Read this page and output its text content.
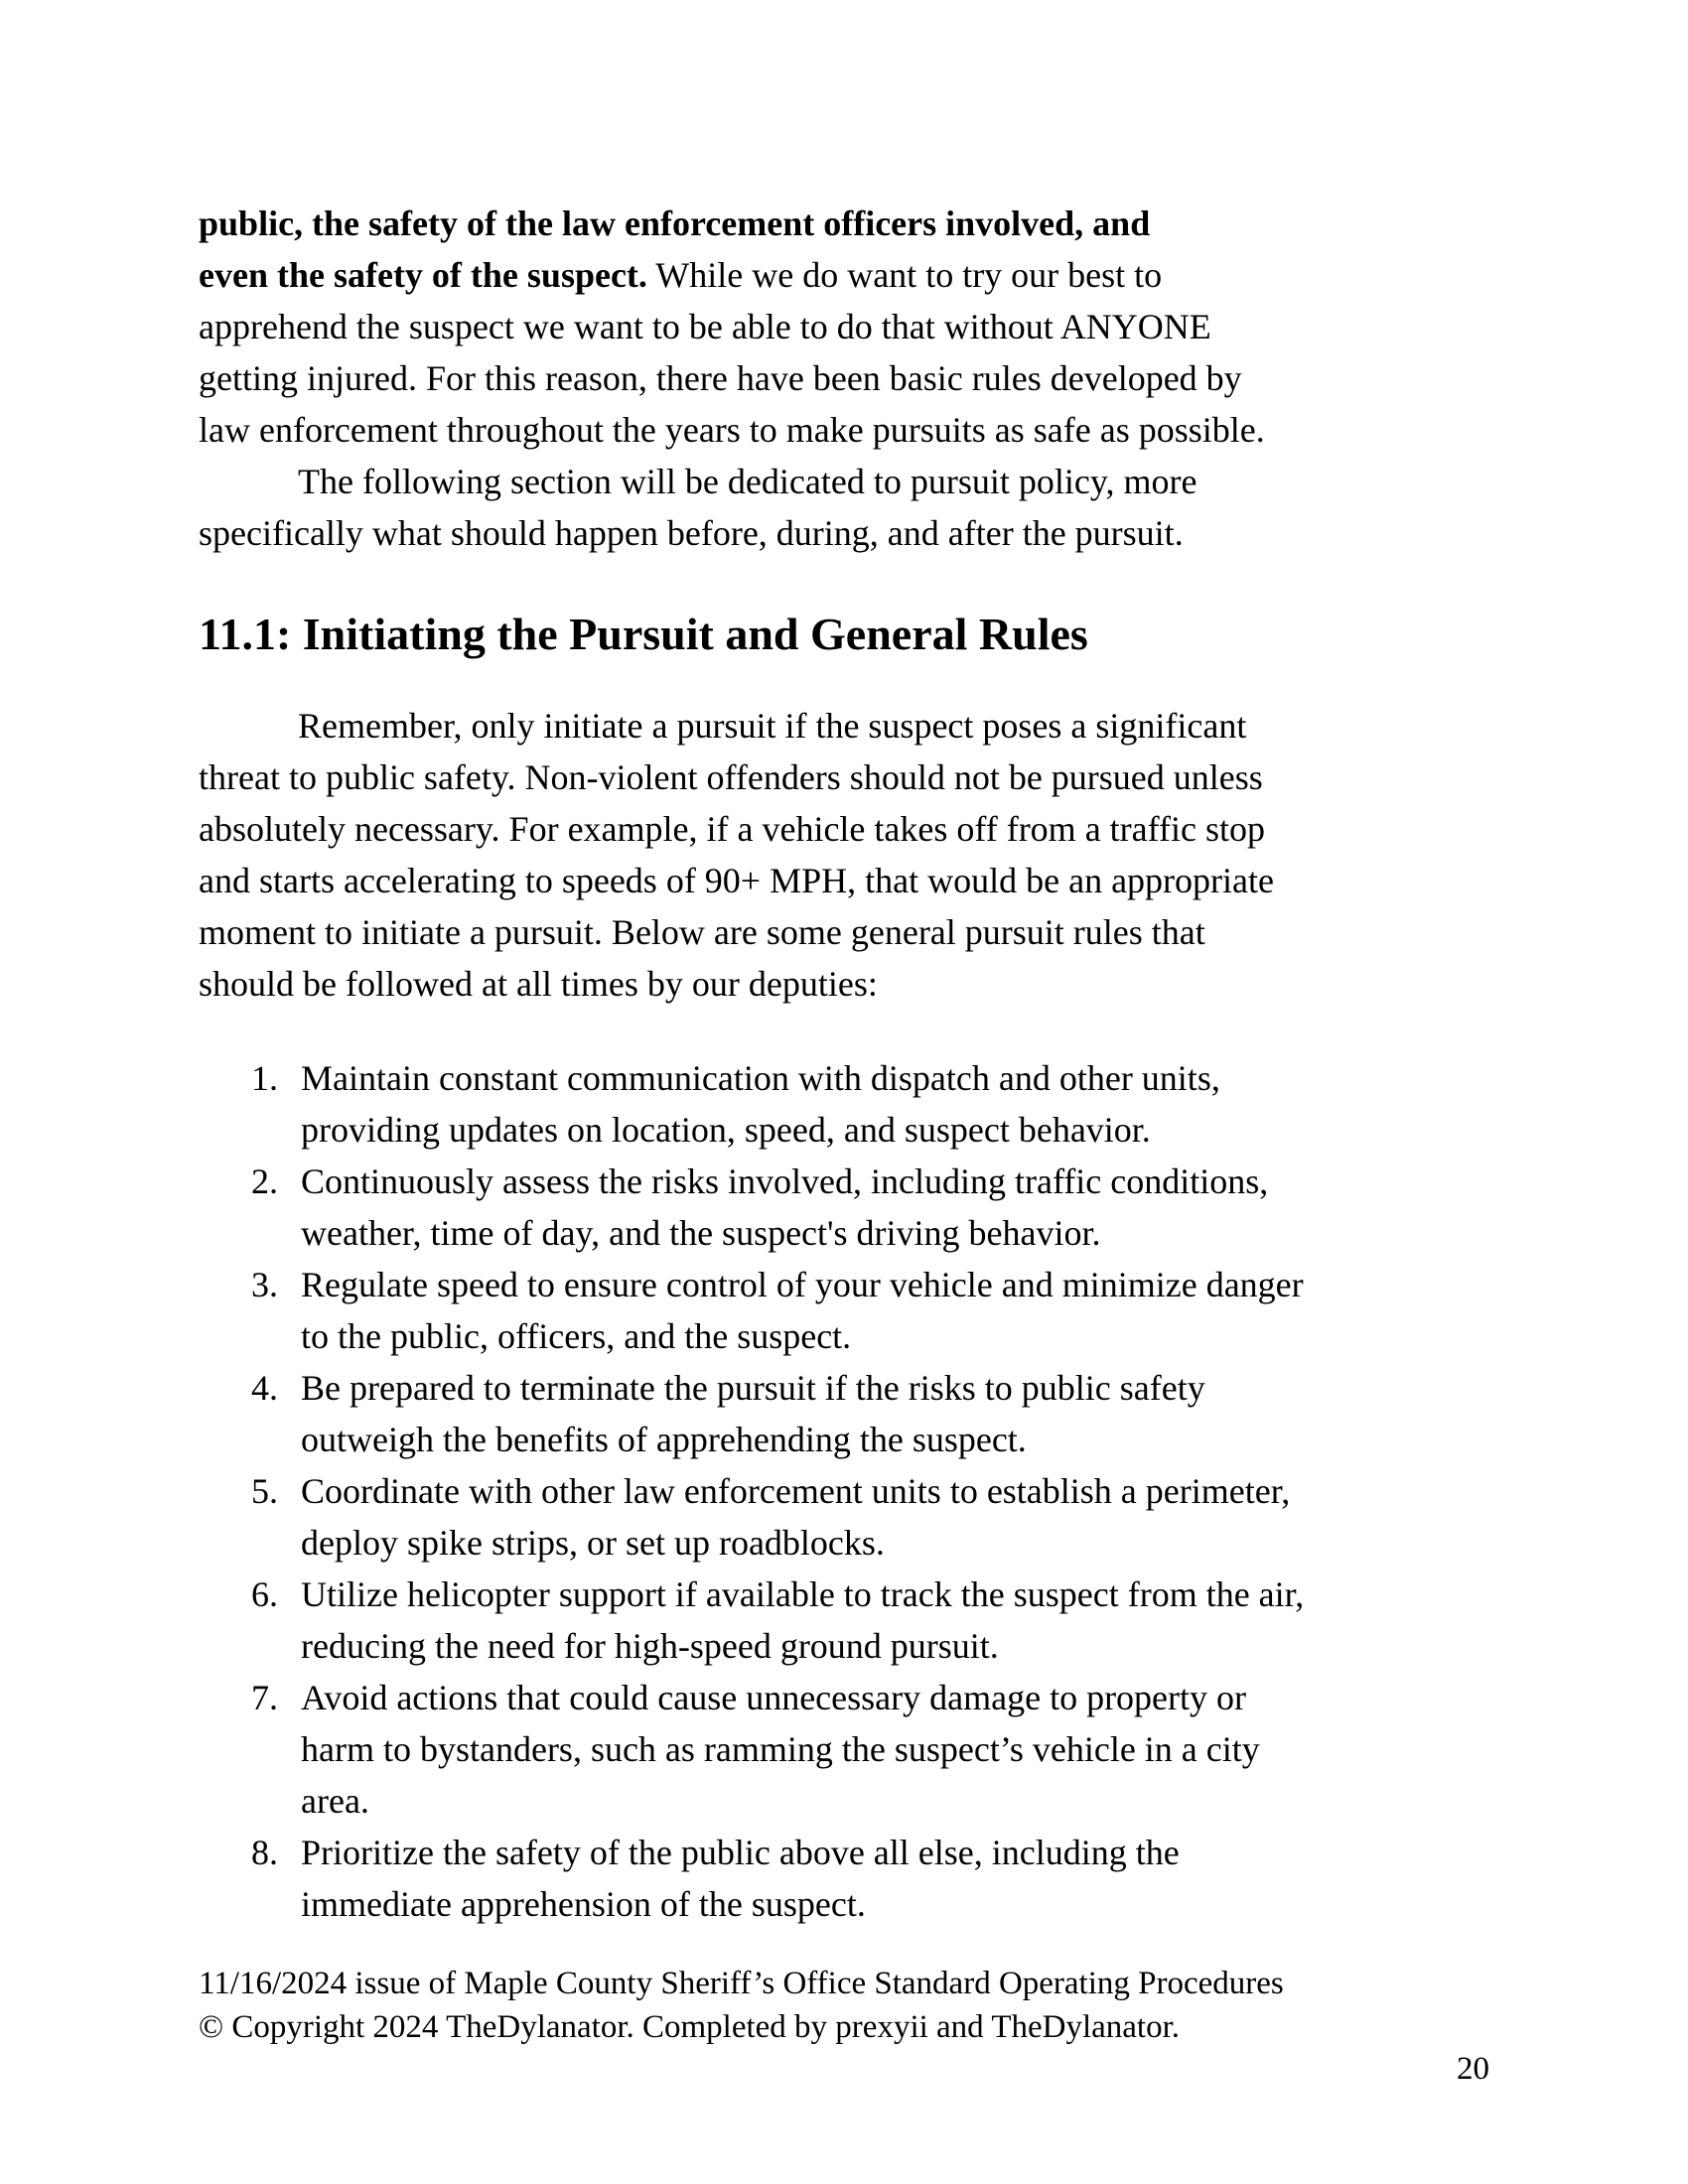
public, the safety of the law enforcement officers involved, and
even the safety of the suspect. While we do want to try our best to
apprehend the suspect we want to be able to do that without ANYONE
getting injured. For this reason, there have been basic rules developed by
law enforcement throughout the years to make pursuits as safe as possible.

The following section will be dedicated to pursuit policy, more
specifically what should happen before, during, and after the pursuit.

11.1: Initiating the Pursuit and General Rules

Remember, only initiate a pursuit if the suspect poses a significant
threat to public safety. Non-violent offenders should not be pursued unless
absolutely necessary. For example, if a vehicle takes off from a traffic stop
and starts accelerating to speeds of 90+ MPH, that would be an appropriate
moment to initiate a pursuit. Below are some general pursuit rules that
should be followed at all times by our deputies:

1. Maintain constant communication with dispatch and other units,
providing updates on location, speed, and suspect behavior.
2. Continuously assess the risks involved, including traffic conditions,
weather, time of day, and the suspect's driving behavior.
3. Regulate speed to ensure control of your vehicle and minimize danger
to the public, officers, and the suspect.
4. Be prepared to terminate the pursuit if the risks to public safety
outweigh the benefits of apprehending the suspect.
5. Coordinate with other law enforcement units to establish a perimeter,
deploy spike strips, or set up roadblocks.
6. Utilize helicopter support if available to track the suspect from the air,
reducing the need for high-speed ground pursuit.
7. Avoid actions that could cause unnecessary damage to property or
harm to bystanders, such as ramming the suspect’s vehicle in a city
area.
8. Prioritize the safety of the public above all else, including the
immediate apprehension of the suspect.
11/16/2024 issue of Maple County Sheriff’s Office Standard Operating Procedures
© Copyright 2024 TheDylanator. Completed by prexyii and TheDylanator.
20
